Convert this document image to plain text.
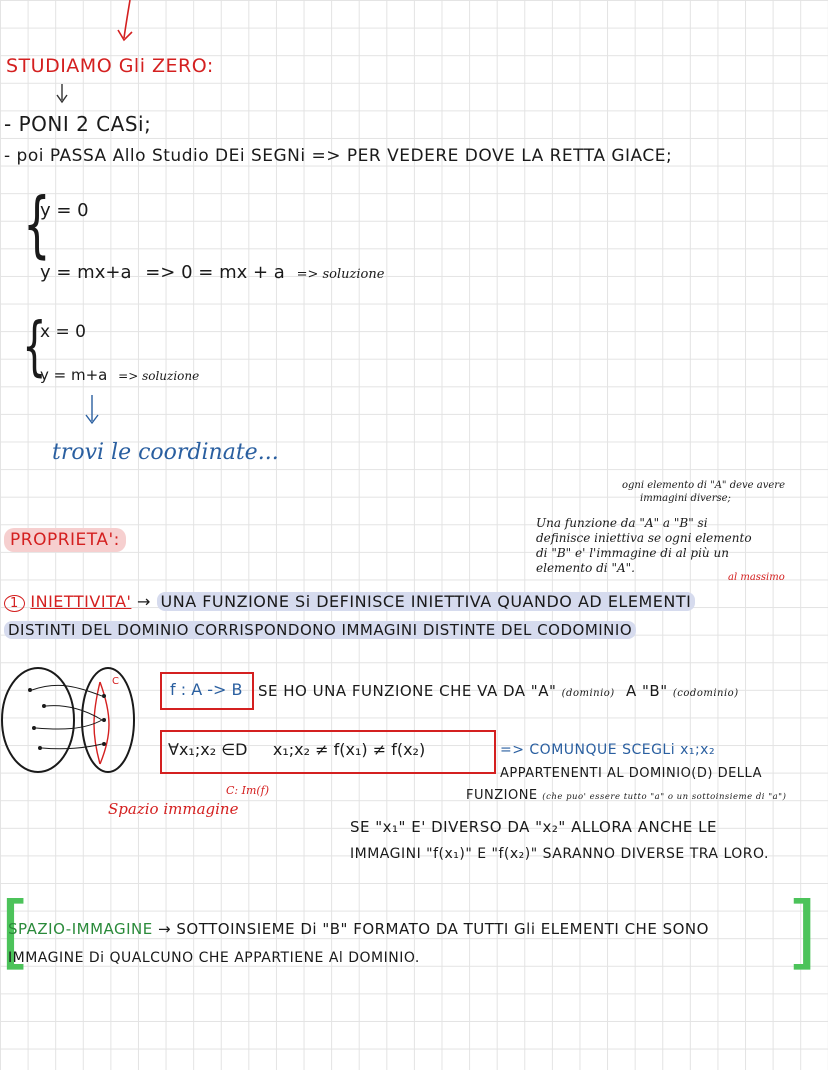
STUDIAMO Gli ZERO:
- PONI 2 CASi;
- poi PASSA Allo Studio DEi SEGNi => PER VEDERE DOVE LA RETTA GIACE;
{
y = 0
y = mx+a => 0 = mx + a => soluzione
{
x = 0
y = m+a => soluzione
trovi le coordinate...
PROPRIETA':
ogni elemento di "A" deve avere
immagini diverse;
Una funzione da "A" a "B" si
definisce iniettiva se ogni elemento
di "B" e' l'immagine di al più un
elemento di "A".
al massimo
1 INIETTIVITA' → UNA FUNZIONE Si DEFINISCE INIETTIVA QUANDO AD ELEMENTI
DISTINTI DEL DOMINIO CORRISPONDONO IMMAGINI DISTINTE DEL CODOMINIO
C
Spazio immagine
C: Im(f)
f : A -> B SE HO UNA FUNZIONE CHE VA DA "A" (dominio) A "B" (codominio)
∀x₁;x₂ ∈D     x₁;x₂ ≠ f(x₁) ≠ f(x₂)	=> COMUNQUE SCEGLi x₁;x₂
APPARTENENTI AL DOMINIO(D) DELLA
FUNZIONE (che puo' essere tutto "a" o un sottoinsieme di "a")
SE "x₁" E' DIVERSO DA "x₂" ALLORA ANCHE LE
IMMAGINI "f(x₁)" E "f(x₂)" SARANNO DIVERSE TRA LORO.
[	]
SPAZIO-IMMAGINE → SOTTOINSIEME Di "B" FORMATO DA TUTTI Gli ELEMENTI CHE SONO
IMMAGINE Di QUALCUNO CHE APPARTIENE Al DOMINIO.
